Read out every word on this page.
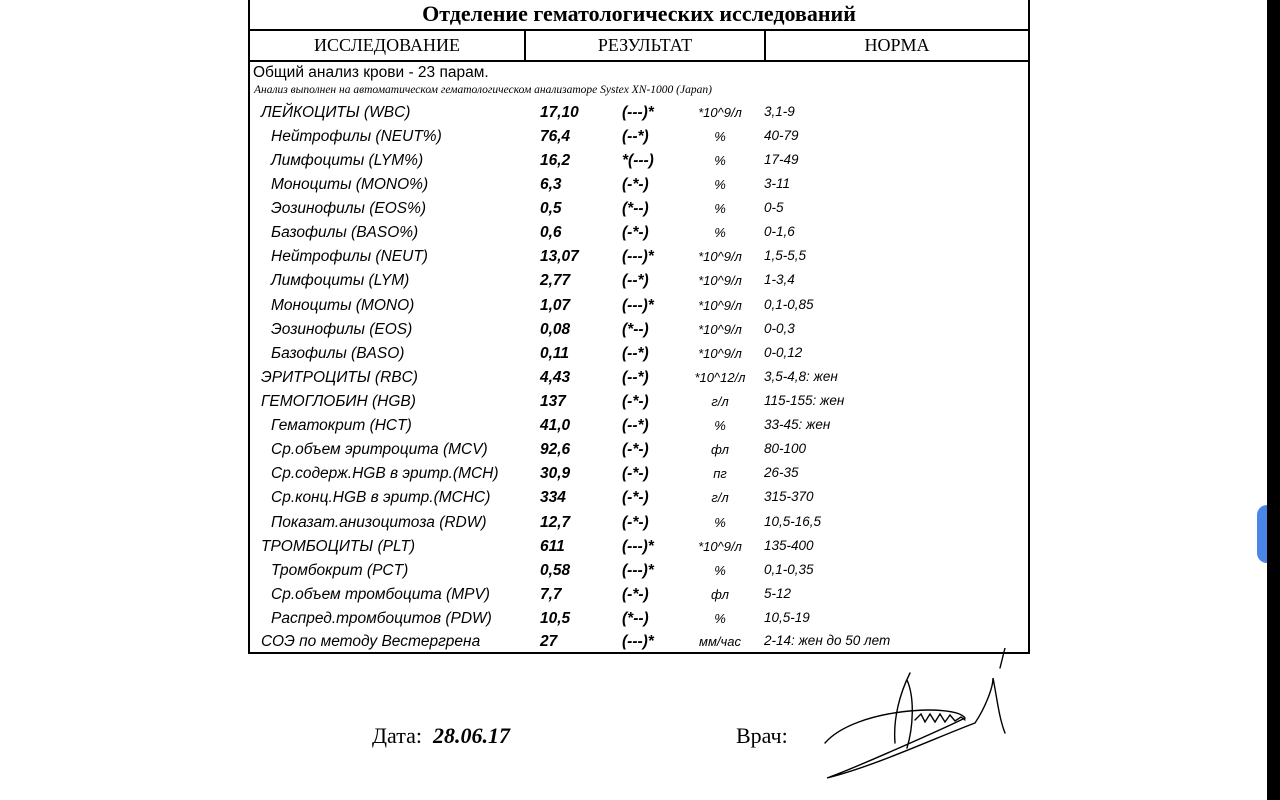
Отделение гематологических исследований
ИССЛЕДОВАНИЕ	РЕЗУЛЬТАТ	НОРМА
Общий анализ крови - 23 парам.
Анализ выполнен на автоматическом гематологическом анализаторе Systex XN-1000 (Japan)
ЛЕЙКОЦИТЫ (WBC)	17,10	(---)*	*10^9/л	3,1-9
Нейтрофилы (NEUT%)	76,4	(--*)	%	40-79
Лимфоциты (LYM%)	16,2	*(---)	%	17-49
Моноциты (MONO%)	6,3	(-*-)	%	3-11
Эозинофилы (EOS%)	0,5	(*--)	%	0-5
Базофилы (BASO%)	0,6	(-*-)	%	0-1,6
Нейтрофилы (NEUT)	13,07	(---)*	*10^9/л	1,5-5,5
Лимфоциты (LYM)	2,77	(--*)	*10^9/л	1-3,4
Моноциты (MONO)	1,07	(---)*	*10^9/л	0,1-0,85
Эозинофилы (EOS)	0,08	(*--)	*10^9/л	0-0,3
Базофилы (BASO)	0,11	(--*)	*10^9/л	0-0,12
ЭРИТРОЦИТЫ (RBC)	4,43	(--*)	*10^12/л	3,5-4,8: жен
ГЕМОГЛОБИН (HGB)	137	(-*-)	г/л	115-155: жен
Гематокрит (HCT)	41,0	(--*)	%	33-45: жен
Ср.объем эритроцита (MCV)	92,6	(-*-)	фл	80-100
Ср.содерж.HGB в эритр.(MCH)	30,9	(-*-)	пг	26-35
Ср.конц.HGB в эритр.(MCHC)	334	(-*-)	г/л	315-370
Показат.анизоцитоза (RDW)	12,7	(-*-)	%	10,5-16,5
ТРОМБОЦИТЫ (PLT)	611	(---)*	*10^9/л	135-400
Тромбокрит (PCT)	0,58	(---)*	%	0,1-0,35
Ср.объем тромбоцита (MPV)	7,7	(-*-)	фл	5-12
Распред.тромбоцитов (PDW)	10,5	(*--)	%	10,5-19
СОЭ по методу Вестергрена	27	(---)*	мм/час	2-14: жен до 50 лет
Дата: 28.06.17	Врач:
